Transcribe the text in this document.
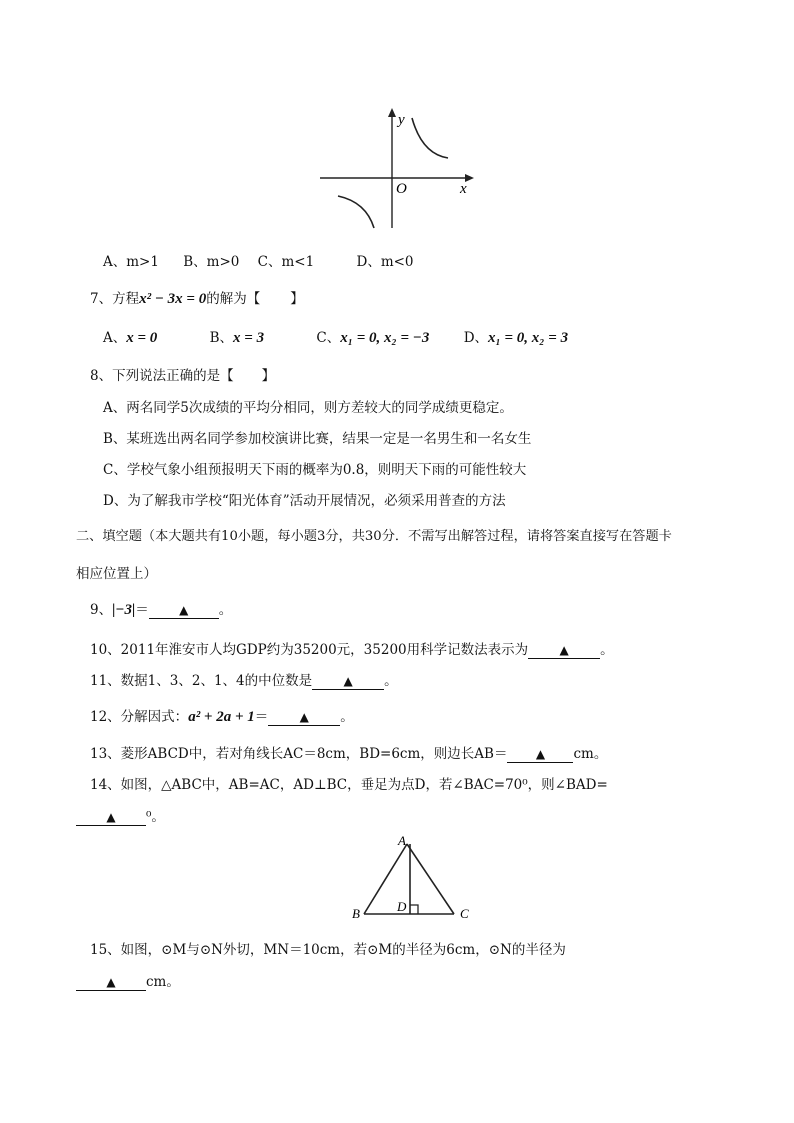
y
x
O
A、m>1 B、m>0 C、m<1	D、m<0
7、方程x² − 3x = 0的解为【 】
A、x = 0	B、x = 3	C、x₁ = 0, x₂ = −3	D、x₁ = 0, x₂ = 3
8、下列说法正确的是【 】
A、两名同学5次成绩的平均分相同，则方差较大的同学成绩更稳定。
B、某班选出两名同学参加校演讲比赛，结果一定是一名男生和一名女生
C、学校气象小组预报明天下雨的概率为0.8，则明天下雨的可能性较大
D、为了解我市学校“阳光体育”活动开展情况，必须采用普查的方法
二、填空题（本大题共有10小题，每小题3分，共30分．不需写出解答过程，请将答案直接写在答题卡
相应位置上）
9、|−3|＝	▲ 。
10、2011年淮安市人均GDP约为35200元，35200用科学记数法表示为	▲ 。
11、数据1、3、2、1、4的中位数是	▲ 。
12、分解因式：a² + 2a + 1＝	▲ 。
13、菱形ABCD中，若对角线长AC＝8cm，BD=6cm，则边长AB＝ ▲ cm。
14、如图，△ABC中，AB=AC，AD⊥BC，垂足为点D，若∠BAC=70⁰，则∠BAD=
▲ ⁰。
A
B	C
D
15、如图，⊙M与⊙N外切，MN＝10cm，若⊙M的半径为6cm，⊙N的半径为
▲ cm。
